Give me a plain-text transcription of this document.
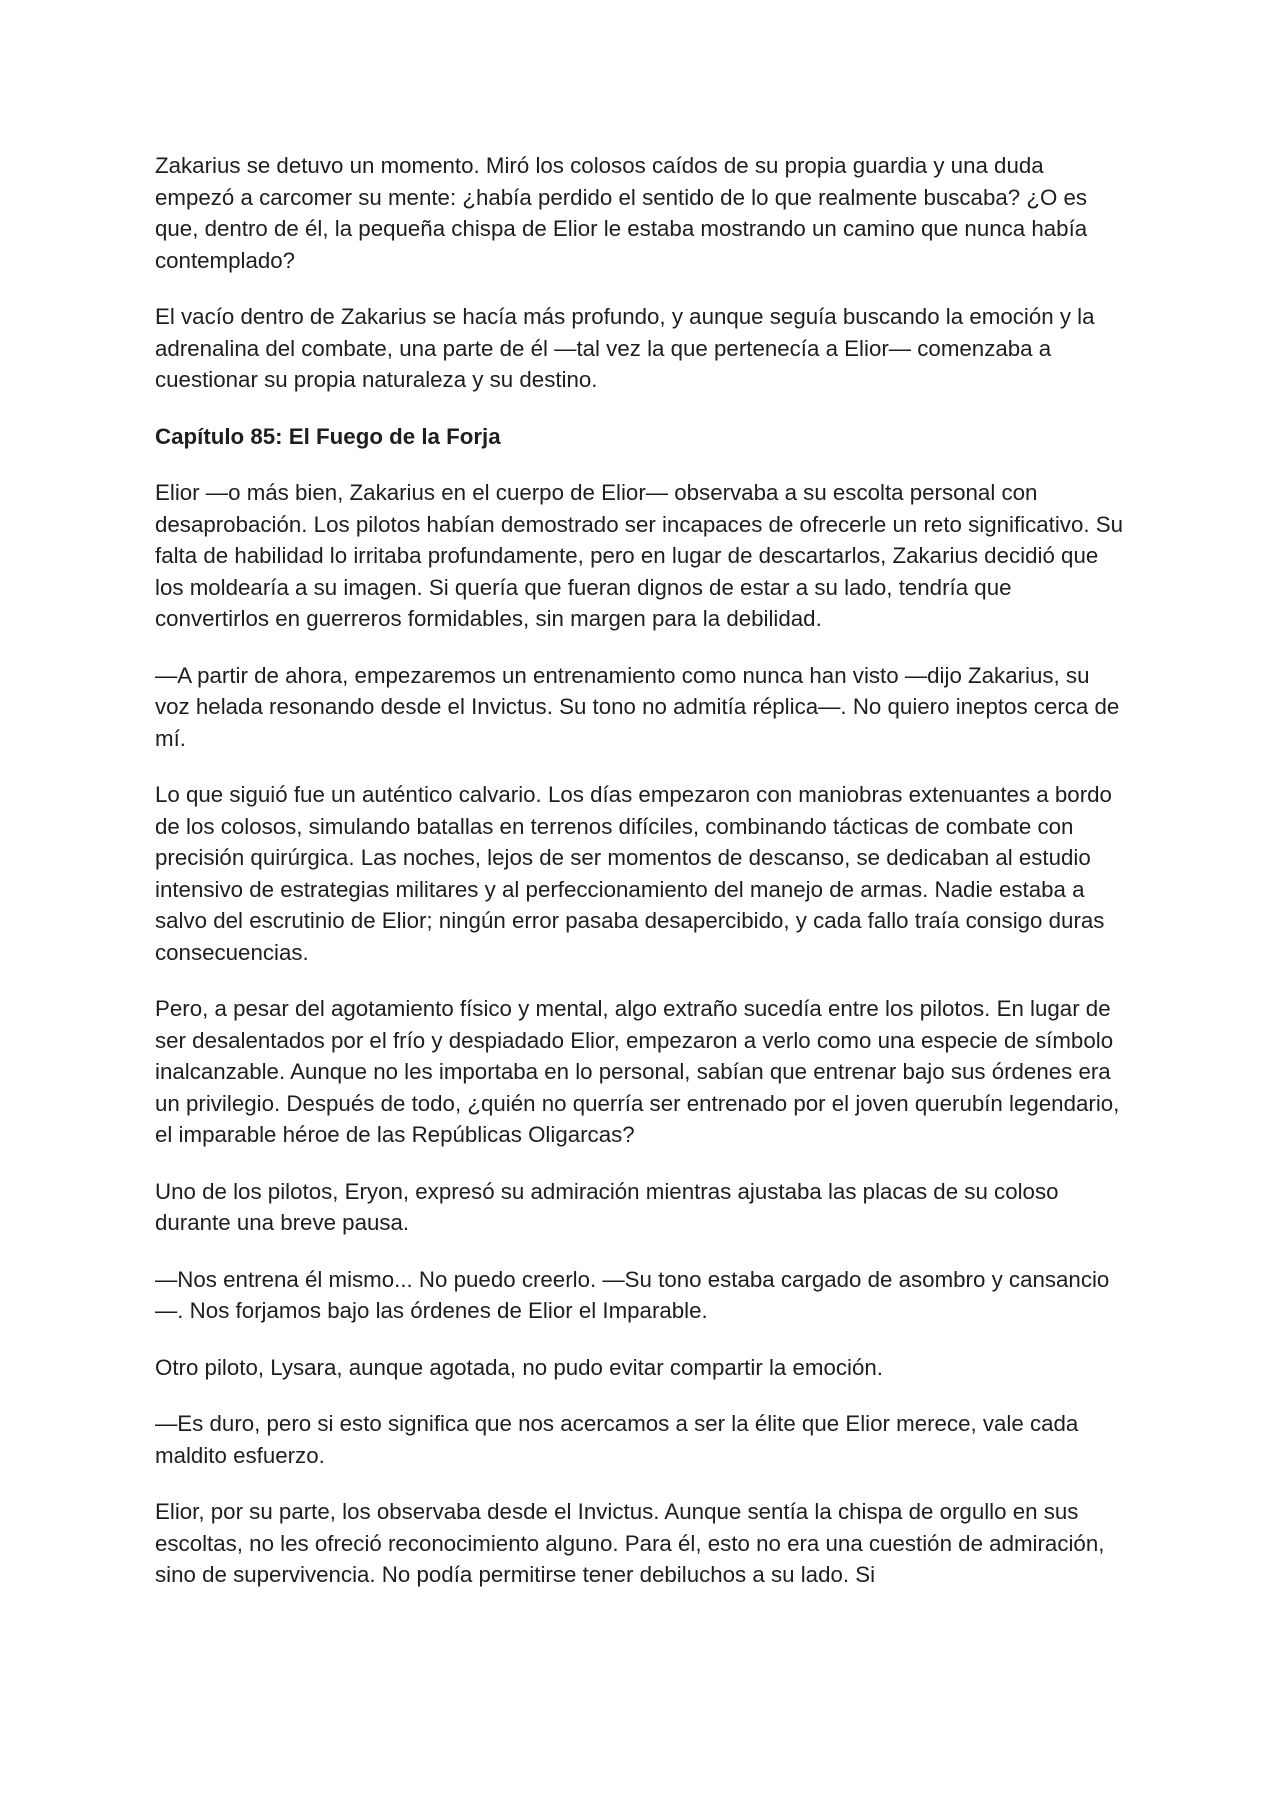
Zakarius se detuvo un momento. Miró los colosos caídos de su propia guardia y una duda empezó a carcomer su mente: ¿había perdido el sentido de lo que realmente buscaba? ¿O es que, dentro de él, la pequeña chispa de Elior le estaba mostrando un camino que nunca había contemplado?

El vacío dentro de Zakarius se hacía más profundo, y aunque seguía buscando la emoción y la adrenalina del combate, una parte de él —tal vez la que pertenecía a Elior— comenzaba a cuestionar su propia naturaleza y su destino.

Capítulo 85: El Fuego de la Forja

Elior —o más bien, Zakarius en el cuerpo de Elior— observaba a su escolta personal con desaprobación. Los pilotos habían demostrado ser incapaces de ofrecerle un reto significativo. Su falta de habilidad lo irritaba profundamente, pero en lugar de descartarlos, Zakarius decidió que los moldearía a su imagen. Si quería que fueran dignos de estar a su lado, tendría que convertirlos en guerreros formidables, sin margen para la debilidad.

—A partir de ahora, empezaremos un entrenamiento como nunca han visto —dijo Zakarius, su voz helada resonando desde el Invictus. Su tono no admitía réplica—. No quiero ineptos cerca de mí.

Lo que siguió fue un auténtico calvario. Los días empezaron con maniobras extenuantes a bordo de los colosos, simulando batallas en terrenos difíciles, combinando tácticas de combate con precisión quirúrgica. Las noches, lejos de ser momentos de descanso, se dedicaban al estudio intensivo de estrategias militares y al perfeccionamiento del manejo de armas. Nadie estaba a salvo del escrutinio de Elior; ningún error pasaba desapercibido, y cada fallo traía consigo duras consecuencias.

Pero, a pesar del agotamiento físico y mental, algo extraño sucedía entre los pilotos. En lugar de ser desalentados por el frío y despiadado Elior, empezaron a verlo como una especie de símbolo inalcanzable. Aunque no les importaba en lo personal, sabían que entrenar bajo sus órdenes era un privilegio. Después de todo, ¿quién no querría ser entrenado por el joven querubín legendario, el imparable héroe de las Repúblicas Oligarcas?

Uno de los pilotos, Eryon, expresó su admiración mientras ajustaba las placas de su coloso durante una breve pausa.

—Nos entrena él mismo... No puedo creerlo. —Su tono estaba cargado de asombro y cansancio—. Nos forjamos bajo las órdenes de Elior el Imparable.

Otro piloto, Lysara, aunque agotada, no pudo evitar compartir la emoción.

—Es duro, pero si esto significa que nos acercamos a ser la élite que Elior merece, vale cada maldito esfuerzo.

Elior, por su parte, los observaba desde el Invictus. Aunque sentía la chispa de orgullo en sus escoltas, no les ofreció reconocimiento alguno. Para él, esto no era una cuestión de admiración, sino de supervivencia. No podía permitirse tener debiluchos a su lado. Si
